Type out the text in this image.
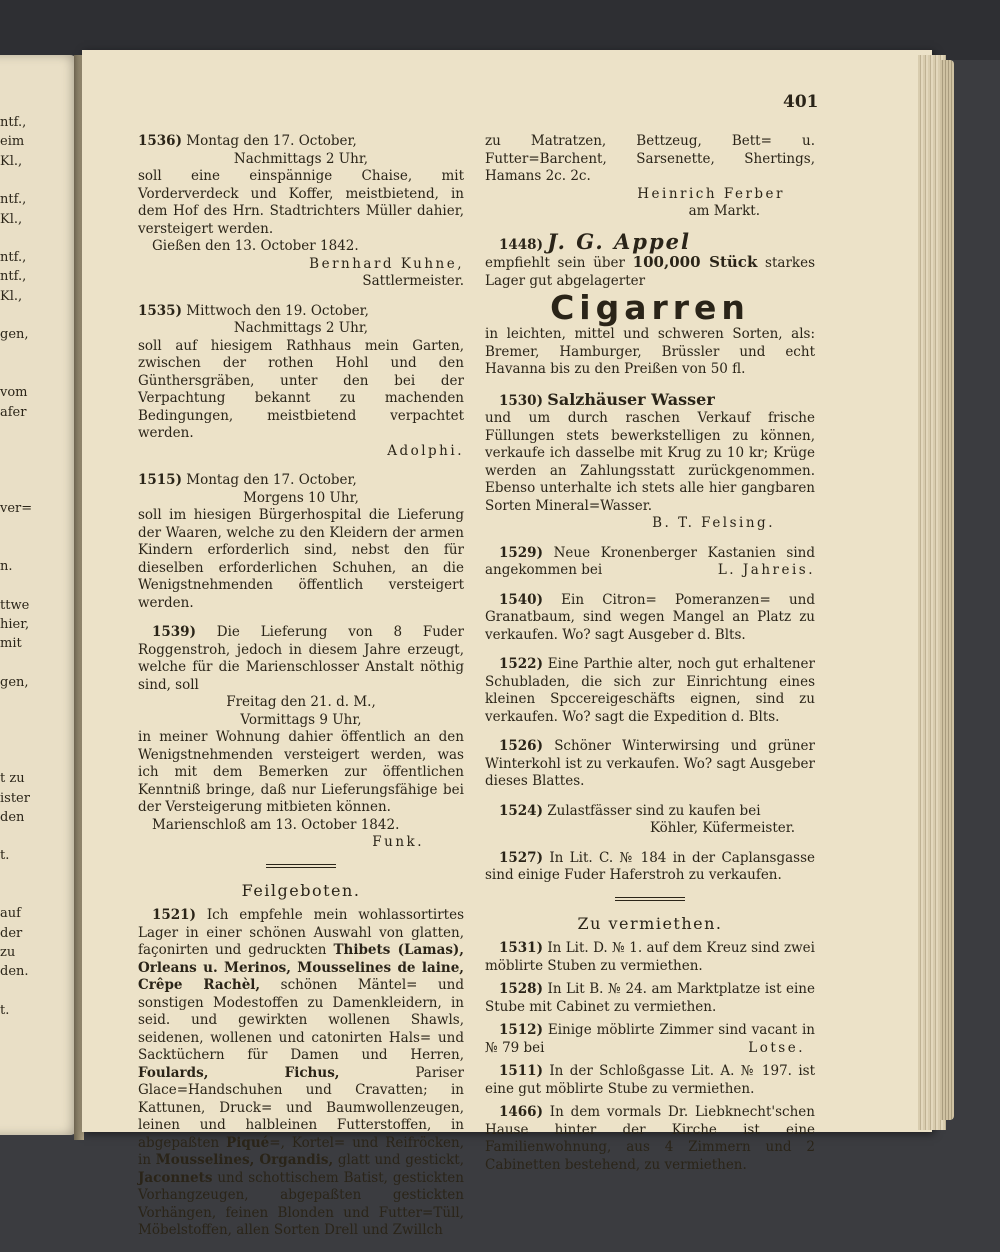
ntf.,
eim
Kl.,
ntf.,
Kl.,
ntf.,
ntf.,
Kl.,
gen,
vom
afer
ver=
n.
ttwe
hier,
mit
gen,
t zu
ister
den
t.
auf
der
zu
den.
t.
401

1536) Montag den 17. October,

Nachmittags 2 Uhr,

soll eine einspännige Chaise, mit Vorderverdeck und Koffer, meistbietend, in dem Hof des Hrn. Stadtrichters Müller dahier, versteigert werden.

Gießen den 13. October 1842.

Bernhard Kuhne,

Sattlermeister.

1535) Mittwoch den 19. October,

Nachmittags 2 Uhr,

soll auf hiesigem Rathhaus mein Garten, zwischen der rothen Hohl und den Günthersgräben, unter den bei der Verpachtung bekannt zu machenden Bedingungen, meistbietend verpachtet werden.

Adolphi.

1515) Montag den 17. October,

Morgens 10 Uhr,

soll im hiesigen Bürgerhospital die Lieferung der Waaren, welche zu den Kleidern der armen Kindern erforderlich sind, nebst den für dieselben erforderlichen Schuhen, an die Wenigstnehmenden öffentlich versteigert werden.

1539) Die Lieferung von 8 Fuder Roggenstroh, jedoch in diesem Jahre erzeugt, welche für die Marienschlosser Anstalt nöthig sind, soll

Freitag den 21. d. M.,

Vormittags 9 Uhr,

in meiner Wohnung dahier öffentlich an den Wenigstnehmenden versteigert werden, was ich mit dem Bemerken zur öffentlichen Kenntniß bringe, daß nur Lieferungsfähige bei der Versteigerung mitbieten können.

Marienschloß am 13. October 1842.

Funk.

Feilgeboten.

1521) Ich empfehle mein wohlassortirtes Lager in einer schönen Auswahl von glatten, façonirten und gedruckten Thibets (Lamas), Orleans u. Merinos, Mousselines de laine, Crêpe Rachèl, schönen Mäntel= und sonstigen Modestoffen zu Damenkleidern, in seid. und gewirkten wollenen Shawls, seidenen, wollenen und catonirten Hals= und Sacktüchern für Damen und Herren, Foulards, Fichus, Pariser Glace=Handschuhen und Cravatten; in Kattunen, Druck= und Baumwollenzeugen, leinen und halbleinen Futterstoffen, in abgepaßten Piqué=, Kortel= und Reifröcken, in Mousselines, Organdis, glatt und gestickt, Jaconnets und schottischem Batist, gestickten Vorhangzeugen, abgepaßten gestickten Vorhängen, feinen Blonden und Futter=Tüll, Möbelstoffen, allen Sorten Drell und Zwillch

zu Matratzen, Bettzeug, Bett= u. Futter=Barchent, Sarsenette, Shertings, Hamans 2c. 2c.

Heinrich Ferber

am Markt.

1448) J. G. Appel

empfiehlt sein über 100,000 Stück starkes Lager gut abgelagerter

Cigarren

in leichten, mittel und schweren Sorten, als: Bremer, Hamburger, Brüssler und echt Havanna bis zu den Preißen von 50 fl.

1530) Salzhäuser Wasser

und um durch raschen Verkauf frische Füllungen stets bewerkstelligen zu können, verkaufe ich dasselbe mit Krug zu 10 kr; Krüge werden an Zahlungsstatt zurückgenommen. Ebenso unterhalte ich stets alle hier gangbaren Sorten Mineral=Wasser.

B. T. Felsing.

1529) Neue Kronenberger Kastanien sind angekommen bei	L. Jahreis.

1540) Ein Citron= Pomeranzen= und Granatbaum, sind wegen Mangel an Platz zu verkaufen. Wo? sagt Ausgeber d. Blts.

1522) Eine Parthie alter, noch gut erhaltener Schubladen, die sich zur Einrichtung eines kleinen Spccereigeschäfts eignen, sind zu verkaufen. Wo? sagt die Expedition d. Blts.

1526) Schöner Winterwirsing und grüner Winterkohl ist zu verkaufen. Wo? sagt Ausgeber dieses Blattes.

1524) Zulastfässer sind zu kaufen bei

Köhler, Küfermeister.

1527) In Lit. C. № 184 in der Caplansgasse sind einige Fuder Haferstroh zu verkaufen.

Zu vermiethen.

1531) In Lit. D. № 1. auf dem Kreuz sind zwei möblirte Stuben zu vermiethen.

1528) In Lit B. № 24. am Marktplatze ist eine Stube mit Cabinet zu vermiethen.

1512) Einige möblirte Zimmer sind vacant in № 79 bei	Lotse.

1511) In der Schloßgasse Lit. A. № 197. ist eine gut möblirte Stube zu vermiethen.

1466) In dem vormals Dr. Liebknecht'schen Hause hinter der Kirche ist eine Familienwohnung, aus 4 Zimmern und 2 Cabinetten bestehend, zu vermiethen.
